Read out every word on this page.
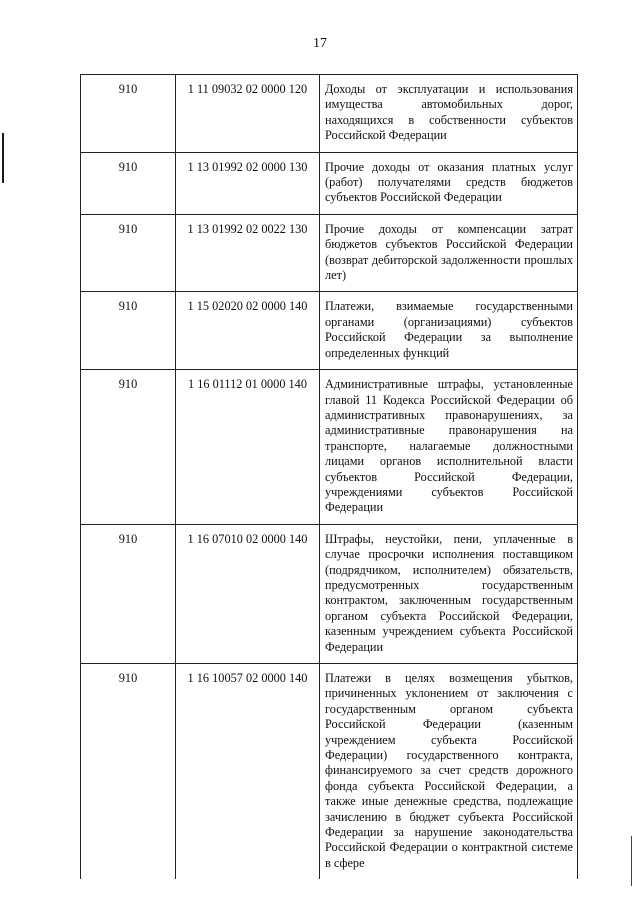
17
910	1 11 09032 02 0000 120	Доходы от эксплуатации и использования имущества автомобильных дорог, находящихся в собственности субъектов Российской Федерации
910	1 13 01992 02 0000 130	Прочие доходы от оказания платных услуг (работ) получателями средств бюджетов субъектов Российской Федерации
910	1 13 01992 02 0022 130	Прочие доходы от компенсации затрат бюджетов субъектов Российской Федерации (возврат дебиторской задолженности прошлых лет)
910	1 15 02020 02 0000 140	Платежи, взимаемые государственными органами (организациями) субъектов Российской Федерации за выполнение определенных функций
910	1 16 01112 01 0000 140	Административные штрафы, установленные главой 11 Кодекса Российской Федерации об административных правонарушениях, за административные правонарушения на транспорте, налагаемые должностными лицами органов исполнительной власти субъектов Российской Федерации, учреждениями субъектов Российской Федерации
910	1 16 07010 02 0000 140	Штрафы, неустойки, пени, уплаченные в случае просрочки исполнения поставщиком (подрядчиком, исполнителем) обязательств, предусмотренных государственным контрактом, заключенным государственным органом субъекта Российской Федерации, казенным учреждением субъекта Российской Федерации
910	1 16 10057 02 0000 140	Платежи в целях возмещения убытков, причиненных уклонением от заключения с государственным органом субъекта Российской Федерации (казенным учреждением субъекта Российской Федерации) государственного контракта, финансируемого за счет средств дорожного фонда субъекта Российской Федерации, а также иные денежные средства, подлежащие зачислению в бюджет субъекта Российской Федерации за нарушение законодательства Российской Федерации о контрактной системе в сфере
